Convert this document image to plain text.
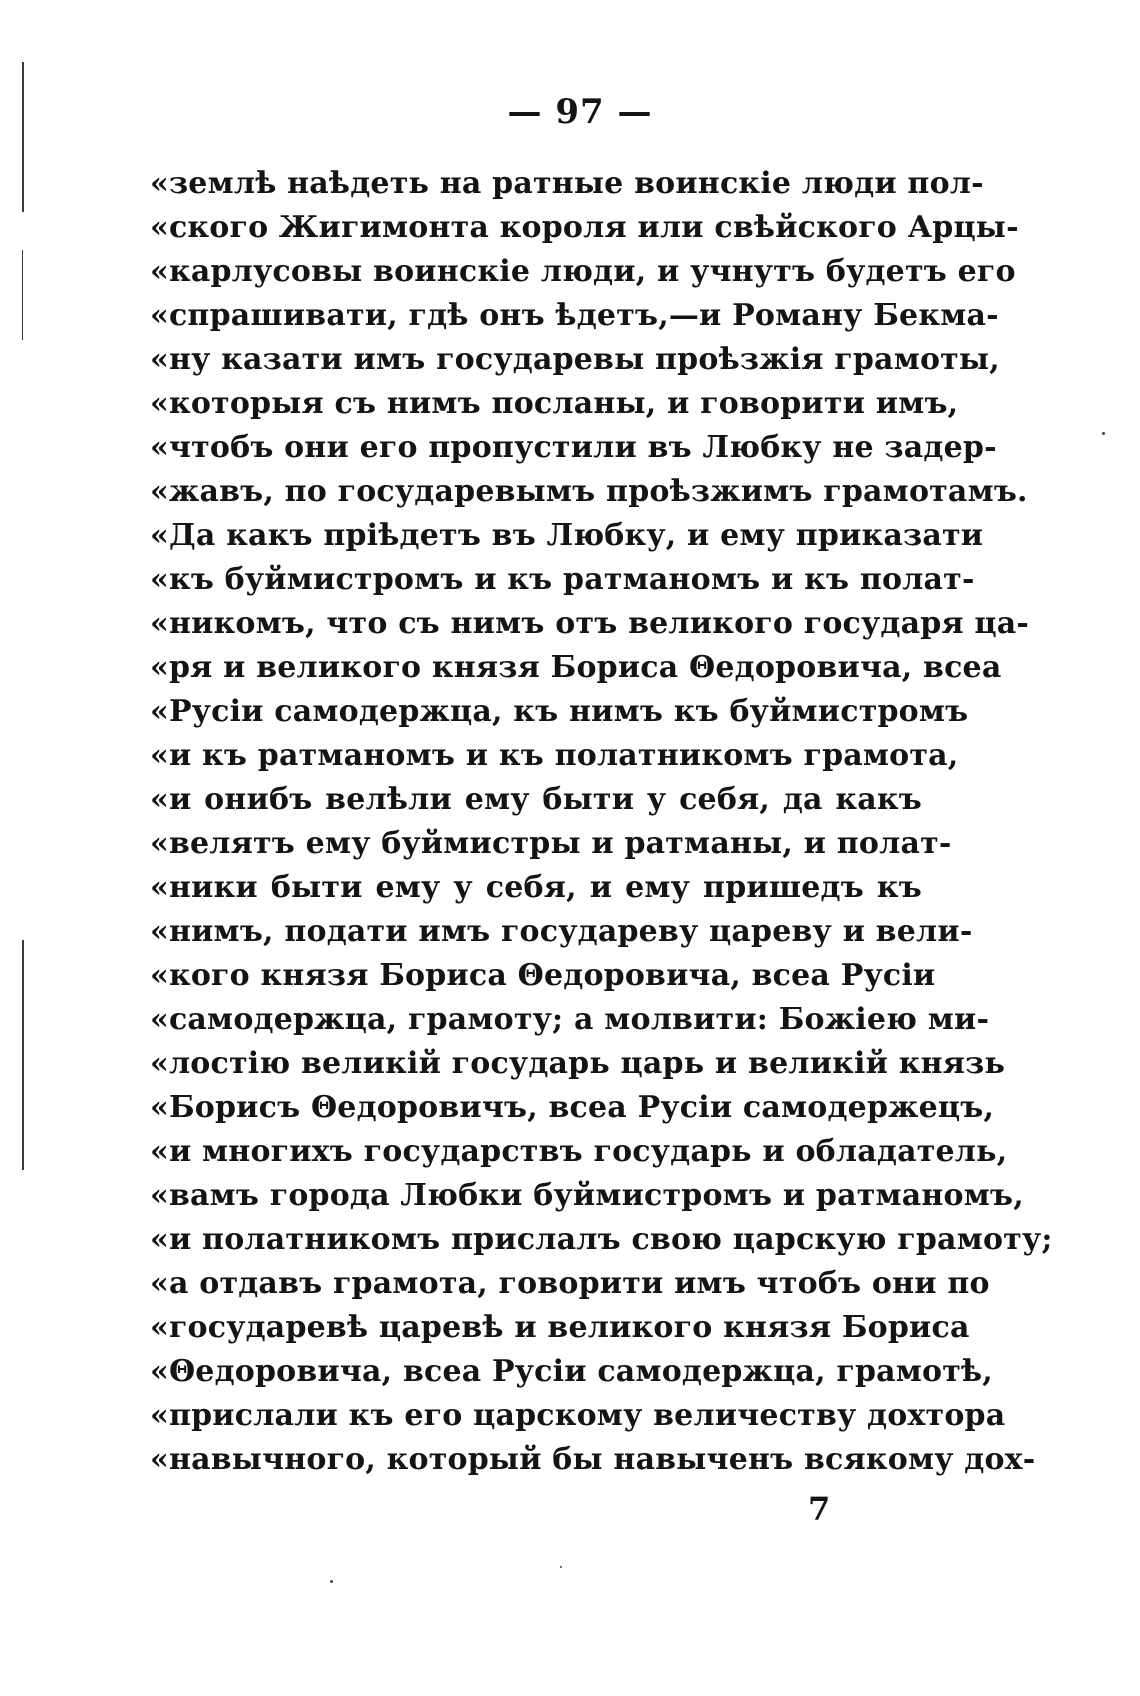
— 97 —
«землѣ наѣдеть на ратные воинскіе люди пол-
«ского Жигимонта короля или свѣйского Арцы-
«карлусовы воинскіе люди, и учнутъ будетъ его
«спрашивати, гдѣ онъ ѣдетъ,—и Роману Бекма-
«ну казати имъ государевы проѣзжія грамоты,
«которыя съ нимъ посланы, и говорити имъ,
«чтобъ они его пропустили въ Любку не задер-
«жавъ, по государевымъ проѣзжимъ грамотамъ.
«Да какъ пріѣдетъ въ Любку, и ему приказати
«къ буймистромъ и къ ратманомъ и къ полат-
«никомъ, что съ нимъ отъ великого государя ца-
«ря и великого князя Бориса Θедоровича, всеа
«Русіи самодержца, къ нимъ къ буймистромъ
«и къ ратманомъ и къ полатникомъ грамота,
«и онибъ велѣли ему быти у себя, да какъ
«велятъ ему буймистры и ратманы, и полат-
«ники быти ему у себя, и ему пришедъ къ
«нимъ, подати имъ государеву цареву и вели-
«кого князя Бориса Θедоровича, всеа Русіи
«самодержца, грамоту; а молвити: Божіею ми-
«лостію великій государь царь и великій князь
«Борисъ Θедоровичъ, всеа Русіи самодержецъ,
«и многихъ государствъ государь и обладатель,
«вамъ города Любки буймистромъ и ратманомъ,
«и полатникомъ прислалъ свою царскую грамоту;
«а отдавъ грамота, говорити имъ чтобъ они по
«государевѣ царевѣ и великого князя Бориса
«Θедоровича, всеа Русіи самодержца, грамотѣ,
«прислали къ его царскому величеству дохтора
«навычного, который бы навыченъ всякому дох-
7
